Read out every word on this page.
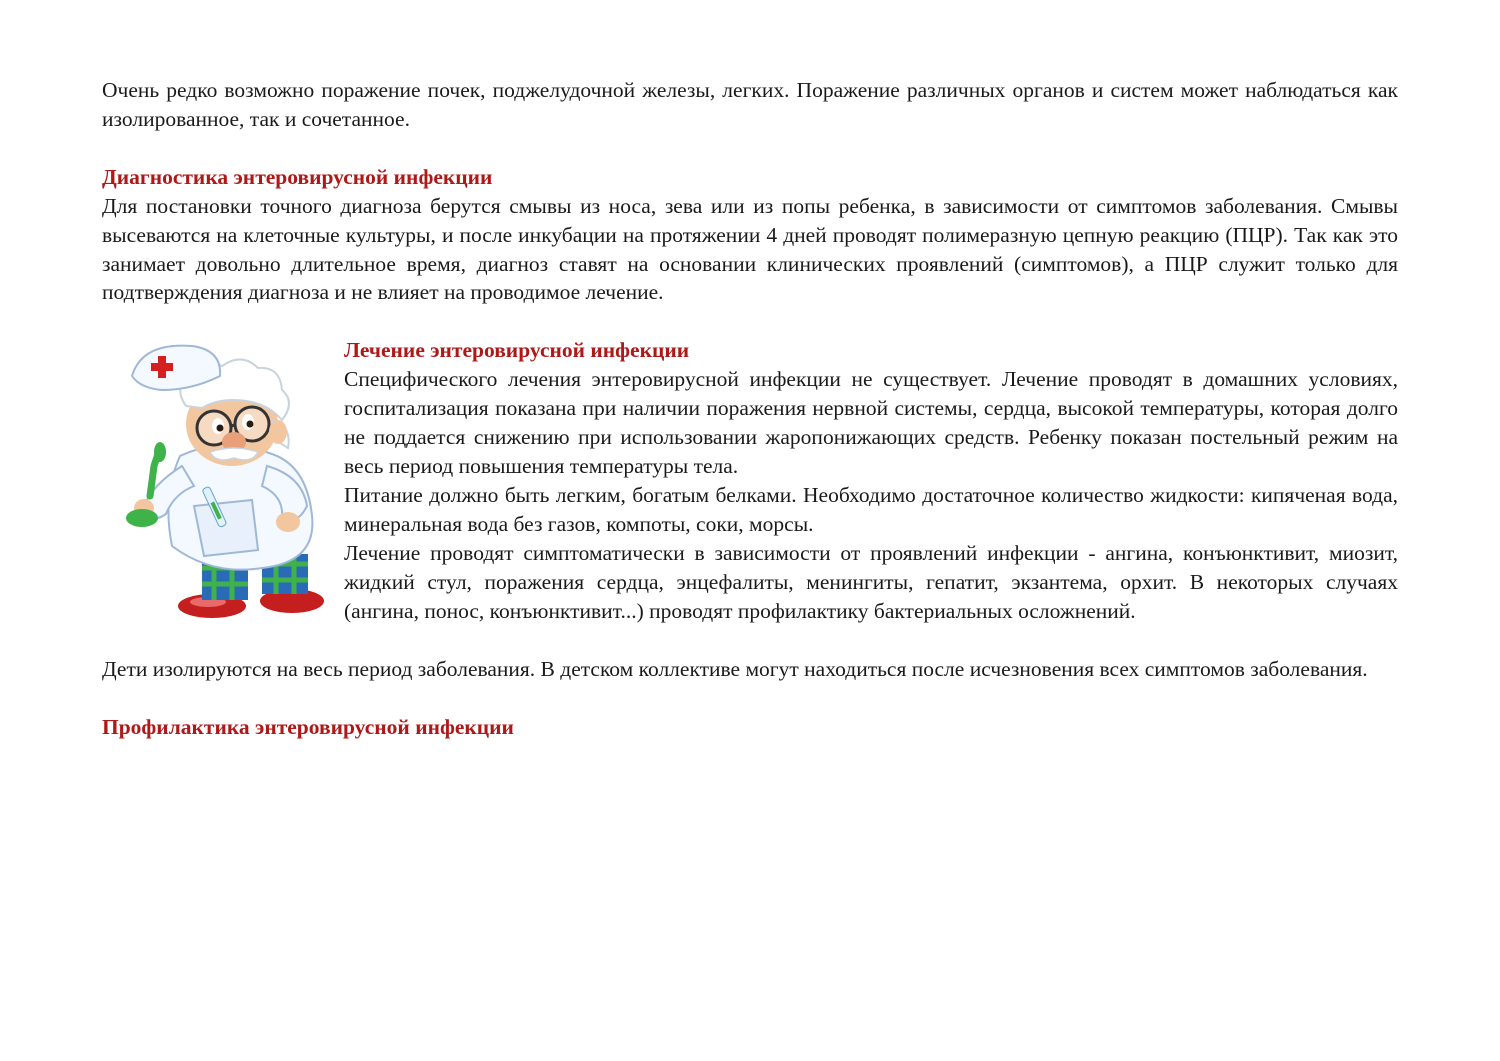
Очень редко возможно поражение почек, поджелудочной железы, легких. Поражение различных органов и систем может наблюдаться как изолированное, так и сочетанное.

Диагностика энтеровирусной инфекции

Для постановки точного диагноза берутся смывы из носа, зева или из попы ребенка, в зависимости от симптомов заболевания. Смывы высеваются на клеточные культуры, и после инкубации на протяжении 4 дней проводят полимеразную цепную реакцию (ПЦР). Так как это занимает довольно длительное время, диагноз ставят на основании клинических проявлений (симптомов), а ПЦР служит только для подтверждения диагноза и не влияет на проводимое лечение.

Лечение энтеровирусной инфекции

Специфического лечения энтеровирусной инфекции не существует. Лечение проводят в домашних условиях, госпитализация показана при наличии поражения нервной системы, сердца, высокой температуры, которая долго не поддается снижению при использовании жаропонижающих средств. Ребенку показан постельный режим на весь период повышения температуры тела.

Питание должно быть легким, богатым белками. Необходимо достаточное количество жидкости: кипяченая вода, минеральная вода без газов, компоты, соки, морсы.

Лечение проводят симптоматически в зависимости от проявлений инфекции - ангина, конъюнктивит, миозит, жидкий стул, поражения сердца, энцефалиты, менингиты, гепатит, экзантема, орхит. В некоторых случаях (ангина, понос, конъюнктивит...) проводят профилактику бактериальных осложнений.

Дети изолируются на весь период заболевания. В детском коллективе могут находиться после исчезновения всех симптомов заболевания.

Профилактика энтеровирусной инфекции
